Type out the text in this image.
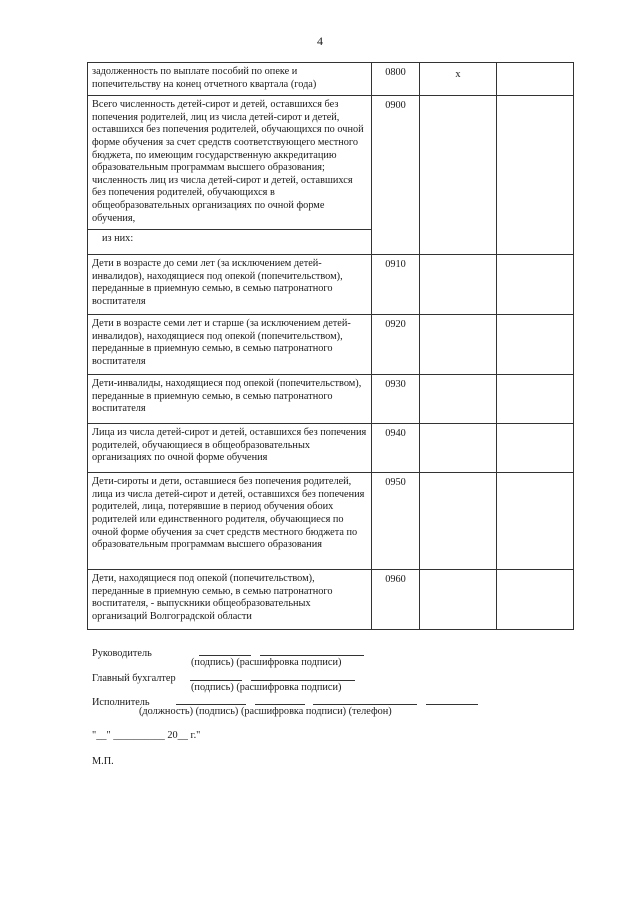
4
задолженность по выплате пособий по опеке и попечительству на конец отчетного квартала (года)	0800	x	
Всего численность детей-сирот и детей, оставшихся без попечения родителей, лиц из числа детей-сирот и детей, оставшихся без попечения родителей, обучающихся по очной форме обучения за счет средств соответствующего местного бюджета, по имеющим государственную аккредитацию образовательным программам высшего образования; численность лиц из числа детей-сирот и детей, оставшихся без попечения родителей, обучающихся в общеобразовательных организациях по очной форме обучения,	0900		
из них:			
Дети в возрасте до семи лет (за исключением детей-инвалидов), находящиеся под опекой (попечительством), переданные в приемную семью, в семью патронатного воспитателя	0910		
Дети в возрасте семи лет и старше (за исключением детей-инвалидов), находящиеся под опекой (попечительством), переданные в приемную семью, в семью патронатного воспитателя	0920		
Дети-инвалиды, находящиеся под опекой (попечительством), переданные в приемную семью, в семью патронатного воспитателя	0930		
Лица из числа детей-сирот и детей, оставшихся без попечения родителей, обучающиеся в общеобразовательных организациях по очной форме обучения	0940		
Дети-сироты и дети, оставшиеся без попечения родителей, лица из числа детей-сирот и детей, оставшихся без попечения родителей, лица, потерявшие в период обучения обоих родителей или единственного родителя, обучающиеся по очной форме обучения за счет средств местного бюджета по образовательным программам высшего образования	0950		
Дети, находящиеся под опекой (попечительством), переданные в приемную семью, в семью патронатного воспитателя, - выпускники общеобразовательных организаций Волгоградской области	0960		
Руководитель
(подпись) (расшифровка подписи)
Главный бухгалтер
(подпись) (расшифровка подписи)
Исполнитель
(должность) (подпись) (расшифровка подписи) (телефон)
"__" __________ 20__ г."
М.П.
